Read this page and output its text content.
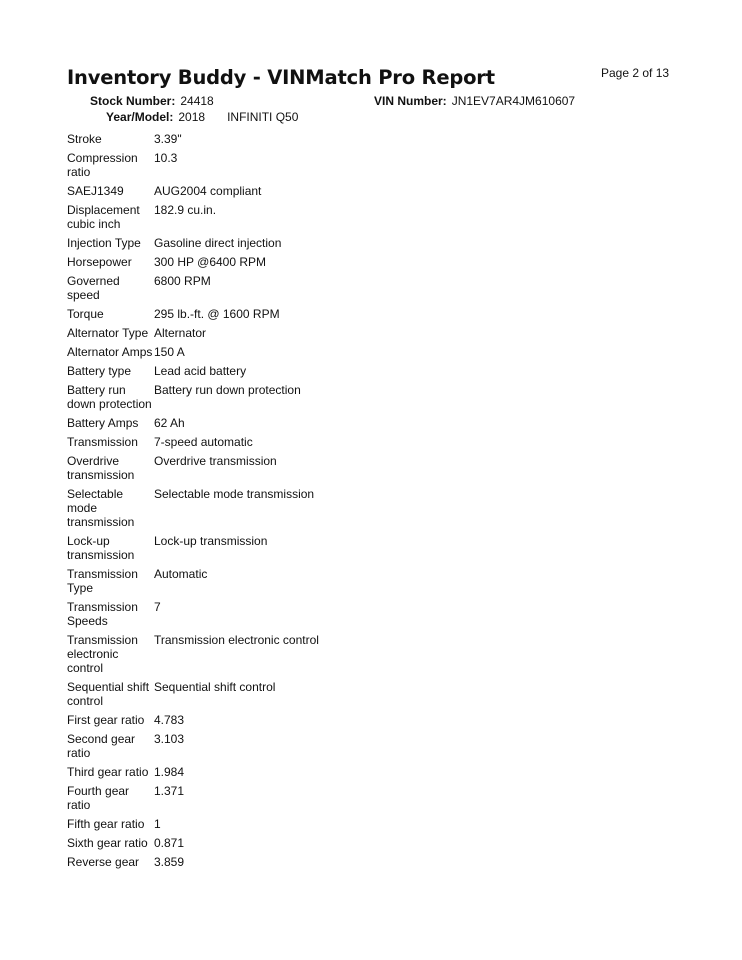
Inventory Buddy - VINMatch Pro Report	Page 2 of 13
Stock Number: 24418	VIN Number: JN1EV7AR4JM610607
Year/Model: 2018 INFINITI Q50
Stroke	3.39"
Compression ratio	10.3
SAEJ1349	AUG2004 compliant
Displacement cubic inch	182.9 cu.in.
Injection Type	Gasoline direct injection
Horsepower	300 HP @6400 RPM
Governed speed	6800 RPM
Torque	295 lb.-ft. @ 1600 RPM
Alternator Type	Alternator
Alternator Amps	150 A
Battery type	Lead acid battery
Battery run down protection	Battery run down protection
Battery Amps	62 Ah
Transmission	7-speed automatic
Overdrive transmission	Overdrive transmission
Selectable mode transmission	Selectable mode transmission
Lock-up transmission	Lock-up transmission
Transmission Type	Automatic
Transmission Speeds	7
Transmission electronic control	Transmission electronic control
Sequential shift control	Sequential shift control
First gear ratio	4.783
Second gear ratio	3.103
Third gear ratio	1.984
Fourth gear ratio	1.371
Fifth gear ratio	1
Sixth gear ratio	0.871
Reverse gear	3.859
